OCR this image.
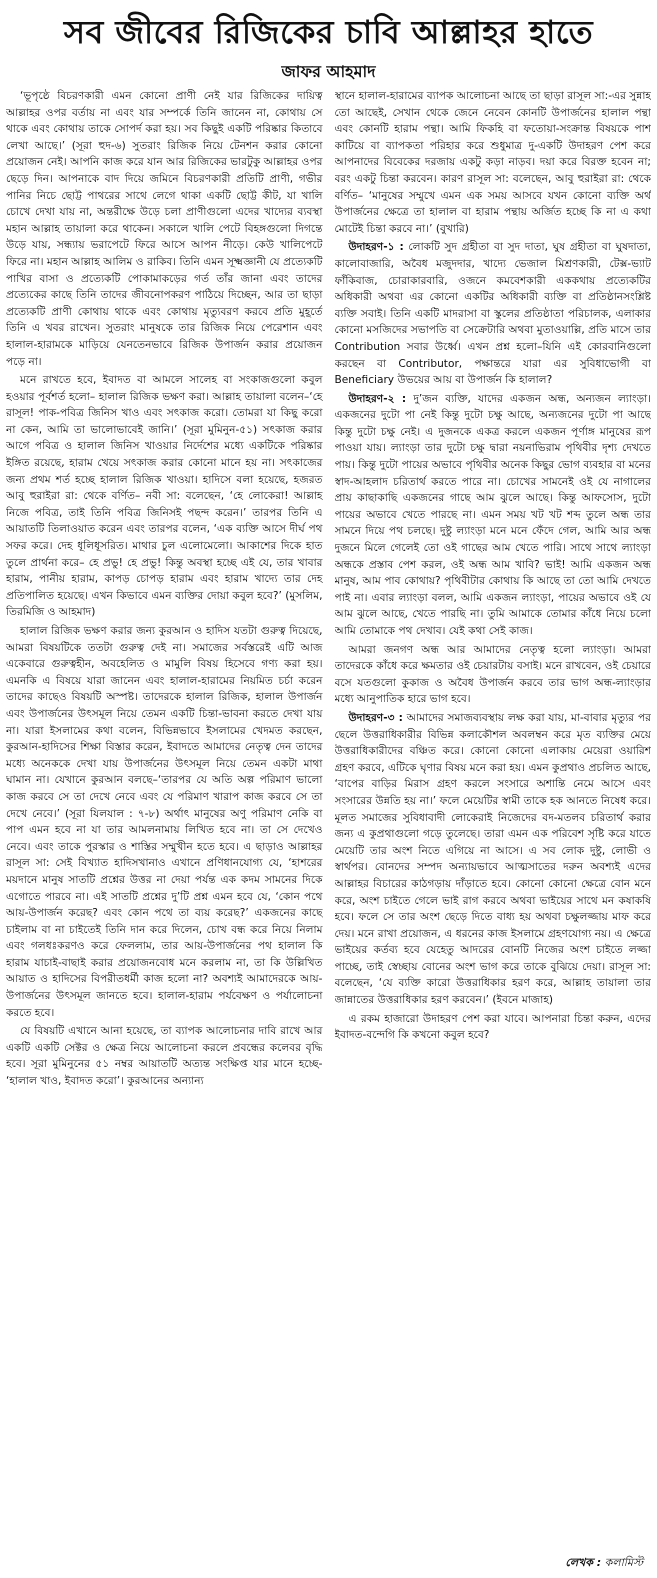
সব জীবের রিজিকের চাবি আল্লাহর হাতে
জাফর আহমাদ

‘ভূপৃষ্ঠে বিচরণকারী এমন কোনো প্রাণী নেই যার রিজিকের দায়িত্ব আল্লাহর ওপর বর্তায় না এবং যার সম্পর্কে তিনি জানেন না, কোথায় সে থাকে এবং কোথায় তাকে সোপর্দ করা হয়। সব কিছুই একটি পরিষ্কার কিতাবে লেখা আছে।’ (সূরা হুদ-৬) সুতরাং রিজিক নিয়ে টেনশন করার কোনো প্রয়োজন নেই। আপনি কাজ করে যান আর রিজিকের ভারটুকু আল্লাহর ওপর ছেড়ে দিন। আপনাকে বাদ দিয়ে জমিনে বিচরণকারী প্রতিটি প্রাণী, গভীর পানির নিচে ছোট্ট পাথরের সাথে লেগে থাকা একটি ছোট্ট কীট, যা খালি চোখে দেখা যায় না, অন্তরীক্ষে উড়ে চলা প্রাণীগুলো এদের খাদ্যের ব্যবস্থা মহান আল্লাহ তায়ালা করে থাকেন। সকালে খালি পেটে বিহঙ্গগুলো দিগন্তে উড়ে যায়, সন্ধ্যায় ভরাপেটে ফিরে আসে আপন নীড়ে। কেউ খালিপেটে ফিরে না। মহান আল্লাহ আলিম ও রাকিব। তিনি এমন সূক্ষ্মজ্ঞানী যে প্রত্যেকটি পাখির বাসা ও প্রত্যেকটি পোকামাকড়ের গর্ত তাঁর জানা এবং তাদের প্রত্যেকের কাছে তিনি তাদের জীবনোপকরণ পাঠিয়ে দিচ্ছেন, আর তা ছাড়া প্রত্যেকটি প্রাণী কোথায় থাকে এবং কোথায় মৃত্যুবরণ করবে প্রতি মুহূর্তে তিনি এ খবর রাখেন। সুতরাং মানুষকে তার রিজিক নিয়ে পেরেশান এবং হালাল-হারামকে মাড়িয়ে যেনতেনভাবে রিজিক উপার্জন করার প্রয়োজন পড়ে না।

মনে রাখতে হবে, ইবাদত বা আমলে সালেহ বা সংকাজগুলো কবুল হওয়ার পূর্বশর্ত হলো– হালাল রিজিক ভক্ষণ করা। আল্লাহ তায়ালা বলেন–‘হে রাসূল! পাক-পবিত্র জিনিস খাও এবং সৎকাজ করো। তোমরা যা কিছু করো না কেন, আমি তা ভালোভাবেই জানি।’ (সূরা মুমিনুন-৫১) সৎকাজ করার আগে পবিত্র ও হালাল জিনিস খাওয়ার নির্দেশের মধ্যে একটিকে পরিষ্কার ইঙ্গিত রয়েছে, হারাম খেয়ে সৎকাজ করার কোনো মানে হয় না। সৎকাজের জন্য প্রথম শর্ত হচ্ছে হালাল রিজিক খাওয়া। হাদিসে বলা হয়েছে, হজরত আবু হুরাইরা রা: থেকে বর্ণিত– নবী সা: বলেছেন, ‘হে লোকেরা! আল্লাহ নিজে পবিত্র, তাই তিনি পবিত্র জিনিসই পছন্দ করেন।’ তারপর তিনি এ আয়াতটি তিলাওয়াত করেন এবং তারপর বলেন, ‘এক ব্যক্তি আসে দীর্ঘ পথ সফর করে। দেহ ধূলিধূসরিত। মাথার চুল এলোমেলো। আকাশের দিকে হাত তুলে প্রার্থনা করে– হে প্রভু! হে প্রভু! কিন্তু অবস্থা হচ্ছে এই যে, তার খাবার হারাম, পানীয় হারাম, কাপড় চোপড় হারাম এবং হারাম খাদ্যে তার দেহ প্রতিপালিত হয়েছে। এখন কিভাবে এমন ব্যক্তির দোয়া কবুল হবে?’ (মুসলিম, তিরমিজি ও আহমাদ)

হালাল রিজিক ভক্ষণ করার জন্য কুরআন ও হাদিস যতটা গুরুত্ব দিয়েছে, আমরা বিষয়টিকে ততটা গুরুত্ব দেই না। সমাজের সর্বস্তরেই এটি আজ একেবারে গুরুত্বহীন, অবহেলিত ও মামুলি বিষয় হিসেবে গণ্য করা হয়। এমনকি এ বিষয়ে যারা জানেন এবং হালাল-হারামের নিয়মিত চর্চা করেন তাদের কাছেও বিষয়টি অস্পষ্ট। তাদেরকে হালাল রিজিক, হালাল উপার্জন এবং উপার্জনের উৎসমূল নিয়ে তেমন একটি চিন্তা-ভাবনা করতে দেখা যায় না। যারা ইসলামের কথা বলেন, বিভিন্নভাবে ইসলামের খেদমত করছেন, কুরআন-হাদিসের শিক্ষা বিস্তার করেন, ইবাদতে আমাদের নেতৃত্ব দেন তাদের মধ্যে অনেককে দেখা যায় উপার্জনের উৎসমূল নিয়ে তেমন একটা মাথা ঘামান না। যেখানে কুরআন বলছে–‘তারপর যে অতি অল্প পরিমাণ ভালো কাজ করবে সে তা দেখে নেবে এবং যে পরিমাণ খারাপ কাজ করবে সে তা দেখে নেবে।’ (সূরা যিলযাল : ৭-৮) অর্থাৎ মানুষের অণু পরিমাণ নেকি বা পাপ এমন হবে না যা তার আমলনামায় লিখিত হবে না। তা সে দেখেও নেবে। এবং তাকে পুরস্কার ও শাস্তির সম্মুখীন হতে হবে। এ ছাড়াও আল্লাহর রাসূল সা: সেই বিখ্যাত হাদিসখানাও এখানে প্রণিধানযোগ্য যে, ‘হাশরের ময়দানে মানুষ সাতটি প্রশ্নের উত্তর না দেয়া পর্যন্ত এক কদম সামনের দিকে এগোতে পারবে না। এই সাতটি প্রশ্নের দু’টি প্রশ্ন এমন হবে যে, ‘কোন পথে আয়-উপার্জন করেছ? এবং কোন পথে তা ব্যয় করেছ?’ একজনের কাছে চাইলাম বা না চাইতেই তিনি দান করে দিলেন, চোখ বন্ধ করে নিয়ে নিলাম এবং গলধঃকরণও করে ফেললাম, তার আয়-উপার্জনের পথ হালাল কি হারাম যাচাই-বাছাই করার প্রয়োজনবোধ মনে করলাম না, তা কি উল্লিখিত আয়াত ও হাদিসের বিপরীতধর্মী কাজ হলো না? অবশ্যই আমাদেরকে আয়-উপার্জনের উৎসমূল জানতে হবে। হালাল-হারাম পর্যবেক্ষণ ও পর্যালোচনা করতে হবে।

যে বিষয়টি এখানে আনা হয়েছে, তা ব্যাপক আলোচনার দাবি রাখে আর একটি একটি সেক্টর ও ক্ষেত্র নিয়ে আলোচনা করলে প্রবন্ধের কলেবর বৃদ্ধি হবে। সূরা মুমিনুনের ৫১ নম্বর আয়াতটি অত্যন্ত সংক্ষিপ্ত যার মানে হচ্ছে- ‘হালাল খাও, ইবাদত করো’। কুরআনের অন্যান্য

স্থানে হালাল-হারামের ব্যাপক আলোচনা আছে তা ছাড়া রাসূল সা:-এর সুন্নাহ তো আছেই, সেখান থেকে জেনে নেবেন কোনটি উপার্জনের হালাল পন্থা এবং কোনটি হারাম পন্থা। আমি ফিকহি বা ফতোয়া-সংক্রান্ত বিষয়কে পাশ কাটিয়ে বা ব্যাপকতা পরিহার করে শুধুমাত্র দু-একটি উদাহরণ পেশ করে আপনাদের বিবেকের দরজায় একটু কড়া নাড়ব। দয়া করে বিরক্ত হবেন না; বরং একটু চিন্তা করবেন। কারণ রাসূল সা: বলেছেন, আবু হুরাইরা রা: থেকে বর্ণিত– ‘মানুষের সম্মুখে এমন এক সময় আসবে যখন কোনো ব্যক্তি অর্থ উপার্জনের ক্ষেত্রে তা হালাল বা হারাম পন্থায় অর্জিত হচ্ছে কি না এ কথা মোটেই চিন্তা করবে না।’ (বুখারি)

উদাহরণ-১ : লোকটি সুদ গ্রহীতা বা সুদ দাতা, ঘুষ গ্রহীতা বা ঘুষদাতা, কালোবাজারি, অবৈধ মজুদদার, খাদ্যে ভেজাল মিশ্রণকারী, টেক্স-ভ্যাট ফাঁকিবাজ, চোরাকারবারি, ওজনে কমবেশকারী এককথায় প্রত্যেকটির অধিকারী অথবা এর কোনো একটির অধিকারী ব্যক্তি বা প্রতিষ্ঠানসংশ্লিষ্ট ব্যক্তি সবাই। তিনি একটি মাদরাসা বা স্কুলের প্রতিষ্ঠাতা পরিচালক, এলাকার কোনো মসজিদের সভাপতি বা সেক্রেটারি অথবা মুতাওয়াল্লি, প্রতি মাসে তার Contribution সবার উর্ধ্বে। এখন প্রশ্ন হলো–যিনি এই কোরবানিগুলো করছেন বা Contributor, পক্ষান্তরে যারা এর সুবিধাভোগী বা Beneficiary উভয়ের আয় বা উপার্জন কি হালাল?

উদাহরণ-২ : দু’জন ব্যক্তি, যাদের একজন অন্ধ, অন্যজন ল্যাংড়া। একজনের দুটো পা নেই কিন্তু দুটো চক্ষু আছে, অন্যজনের দুটো পা আছে কিন্তু দুটো চক্ষু নেই। এ দুজনকে একত্র করলে একজন পূর্ণাঙ্গ মানুষের রূপ পাওয়া যায়। ল্যাংড়া তার দুটো চক্ষু দ্বারা নয়নাভিরাম পৃথিবীর দৃশ্য দেখতে পায়। কিন্তু দুটো পায়ের অভাবে পৃথিবীর অনেক কিছুর ভোগ ব্যবহার বা মনের স্বাদ-আহলাদ চরিতার্থ করতে পারে না। চোখের সামনেই ওই যে নাগালের প্রায় কাছাকাছি একজনের গাছে আম ঝুলে আছে। কিন্তু আফসোস, দুটো পায়ের অভাবে খেতে পারছে না। এমন সময় খট খট শব্দ তুলে অন্ধ তার সামনে দিয়ে পথ চলছে। দুষ্টু ল্যাংড়া মনে মনে ফেঁদে গেল, আমি আর অন্ধ দুজনে মিলে গেলেই তো ওই গাছের আম খেতে পারি। সাথে সাথে ল্যাংড়া অন্ধকে প্রস্তাব পেশ করল, ওই অন্ধ আম খাবি? ভাই! আমি একজন অন্ধ মানুষ, আম পাব কোথায়? পৃথিবীটার কোথায় কি আছে তা তো আমি দেখতে পাই না। এবার ল্যাংড়া বলল, আমি একজন ল্যাংড়া, পায়ের অভাবে ওই যে আম ঝুলে আছে, খেতে পারছি না। তুমি আমাকে তোমার কাঁধে নিয়ে চলো আমি তোমাকে পথ দেখাব। যেই কথা সেই কাজ।

আমরা জনগণ অন্ধ আর আমাদের নেতৃত্ব হলো ল্যাংড়া। আমরা তাদেরকে কাঁধে করে ক্ষমতার ওই চেয়ারটায় বসাই। মনে রাখবেন, ওই চেয়ারে বসে যতগুলো কুকাজ ও অবৈধ উপার্জন করবে তার ভাগ অন্ধ-ল্যাংড়ার মধ্যে আনুপাতিক হারে ভাগ হবে।

উদাহরণ-৩ : আমাদের সমাজব্যবস্থায় লক্ষ করা যায়, মা-বাবার মৃত্যুর পর ছেলে উত্তরাধিকারীর বিভিন্ন কলাকৌশল অবলম্বন করে মৃত ব্যক্তির মেয়ে উত্তরাধিকারীদের বঞ্চিত করে। কোনো কোনো এলাকায় মেয়েরা ওয়ারিশ গ্রহণ করবে, এটিকে ঘৃণার বিষয় মনে করা হয়। এমন কুপ্রথাও প্রচলিত আছে, ‘বাপের বাড়ির মিরাস গ্রহণ করলে সংসারে অশান্তি নেমে আসে এবং সংসারের উন্নতি হয় না।’ ফলে মেয়েটির স্বামী তাকে হক আনতে নিষেধ করে। মূলত সমাজের সুবিধাবাদী লোকেরাই নিজেদের বদ-মতলব চরিতার্থ করার জন্য এ কুপ্রথাগুলো গড়ে তুলেছে। তারা এমন এক পরিবেশ সৃষ্টি করে যাতে মেয়েটি তার অংশ নিতে এগিয়ে না আসে। এ সব লোক দুষ্টু, লোভী ও স্বার্থপর। বোনদের সম্পদ অন্যায়ভাবে আত্মসাতের দরুন অবশ্যই এদের আল্লাহর বিচারের কাঠগড়ায় দাঁড়াতে হবে। কোনো কোনো ক্ষেত্রে বোন মনে করে, অংশ চাইতে গেলে ভাই রাগ করবে অথবা ভাইয়ের সাথে মন কষাকষি হবে। ফলে সে তার অংশ ছেড়ে দিতে বাধ্য হয় অথবা চক্ষুলজ্জায় মাফ করে দেয়। মনে রাখা প্রয়োজন, এ ধরনের কাজ ইসলামে গ্রহণযোগ্য নয়। এ ক্ষেত্রে ভাইয়ের কর্তব্য হবে যেহেতু আদরের বোনটি নিজের অংশ চাইতে লজ্জা পাচ্ছে, তাই স্বেচ্ছায় বোনের অংশ ভাগ করে তাকে বুঝিয়ে দেয়া। রাসূল সা: বলেছেন, ‘যে ব্যক্তি কারো উত্তরাধিকার হরণ করে, আল্লাহ তায়ালা তার জান্নাতের উত্তরাধিকার হরণ করবেন।’ (ইবনে মাজাহ)

এ রকম হাজারো উদাহরণ পেশ করা যাবে। আপনারা চিন্তা করুন, এদের ইবাদত-বন্দেগি কি কখনো কবুল হবে?

লেখক : কলামিস্ট
